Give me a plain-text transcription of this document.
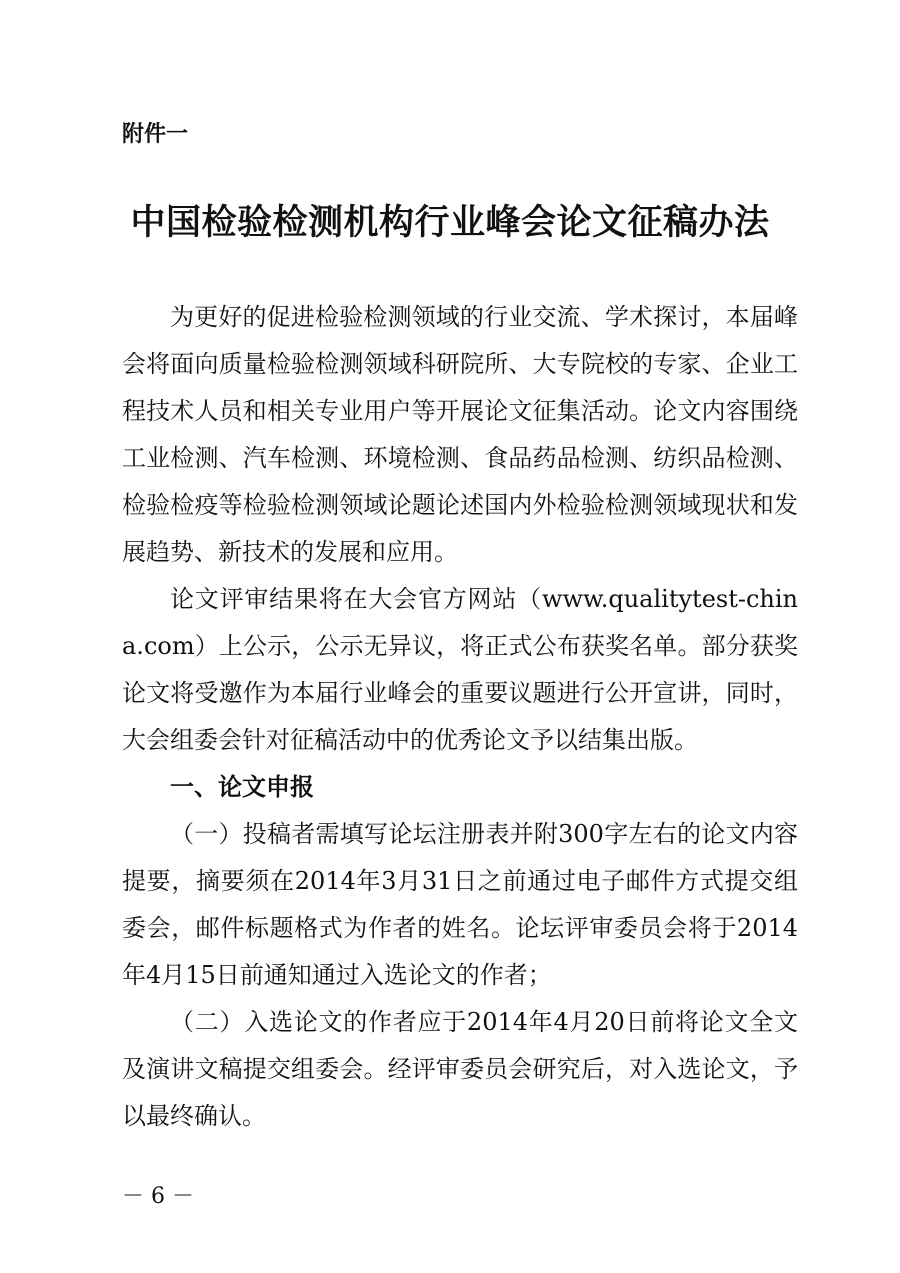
附件一

中国检验检测机构行业峰会论文征稿办法

为更好的促进检验检测领域的行业交流、学术探讨，本届峰会将面向质量检验检测领域科研院所、大专院校的专家、企业工程技术人员和相关专业用户等开展论文征集活动。论文内容围绕工业检测、汽车检测、环境检测、食品药品检测、纺织品检测、检验检疫等检验检测领域论题论述国内外检验检测领域现状和发展趋势、新技术的发展和应用。

论文评审结果将在大会官方网站（www.qualitytest-china.com）上公示，公示无异议，将正式公布获奖名单。部分获奖论文将受邀作为本届行业峰会的重要议题进行公开宣讲，同时，大会组委会针对征稿活动中的优秀论文予以结集出版。

一、论文申报

（一）投稿者需填写论坛注册表并附300字左右的论文内容提要，摘要须在2014年3月31日之前通过电子邮件方式提交组委会，邮件标题格式为作者的姓名。论坛评审委员会将于2014年4月15日前通知通过入选论文的作者；

（二）入选论文的作者应于2014年4月20日前将论文全文及演讲文稿提交组委会。经评审委员会研究后，对入选论文，予以最终确认。

－ 6 －
